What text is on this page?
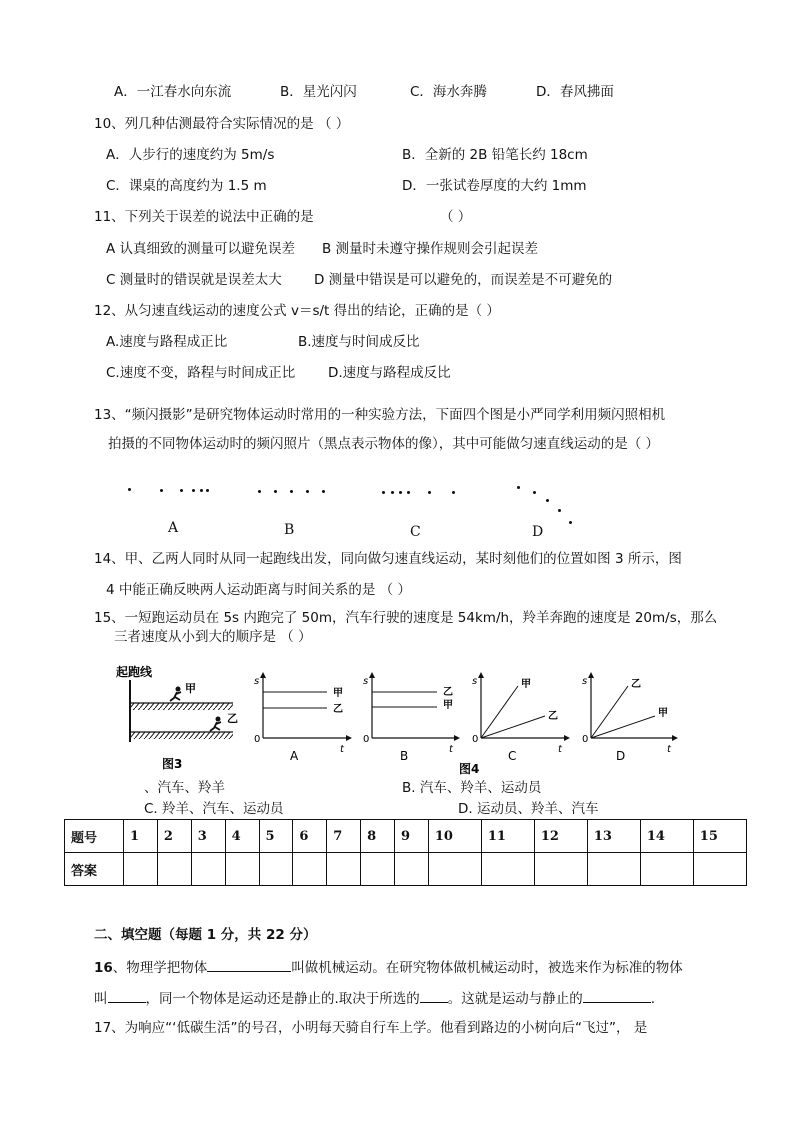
A．一江春水向东流	B．星光闪闪	C．海水奔腾	D．春风拂面
10、列几种估测最符合实际情况的是 （ ）
A．人步行的速度约为 5m/s	B．全新的 2B 铅笔长约 18cm
C．课桌的高度约为 1.5 m	D．一张试卷厚度的大约 1mm
11、下列关于误差的说法中正确的是	（ ）
A 认真细致的测量可以避免误差 B 测量时未遵守操作规则会引起误差
C 测量时的错误就是误差太大 D 测量中错误是可以避免的，而误差是不可避免的
12、从匀速直线运动的速度公式 v＝s/t 得出的结论，正确的是（ ）
A.速度与路程成正比	B.速度与时间成反比
C.速度不变，路程与时间成正比 D.速度与路程成反比
13、“频闪摄影”是研究物体运动时常用的一种实验方法，下面四个图是小严同学利用频闪照相机
拍摄的不同物体运动时的频闪照片（黑点表示物体的像），其中可能做匀速直线运动的是（ ）
A	B	C	D
14、甲、乙两人同时从同一起跑线出发，同向做匀速直线运动，某时刻他们的位置如图 3 所示，图
4 中能正确反映两人运动距离与时间关系的是 （ ）
15、一短跑运动员在 5s 内跑完了 50m，汽车行驶的速度是 54km/h，羚羊奔跑的速度是 20m/s，那么
三者速度从小到大的顺序是 （ ）
起跑线
甲
乙
图3
s
0
t
甲
乙
A
s
0
t
乙
甲
B
s
0
t
甲
乙
C
s
0
t
乙
甲
D
图4
、汽车、羚羊	B. 汽车、羚羊、运动员
C. 羚羊、汽车、运动员	D. 运动员、羚羊、汽车
题号	1	2	3	4	5	6	7	8	9	10	11	12	13	14	15
答案															
二、填空题（每题 1 分，共 22 分）
16、物理学把物体	叫做机械运动。在研究物体做机械运动时，被选来作为标准的物体
叫	，同一个物体是运动还是静止的.取决于所选的 。这就是运动与静止的	.
17、为响应“‘低碳生活”的号召，小明每天骑自行车上学。他看到路边的小树向后“飞过”， 是
